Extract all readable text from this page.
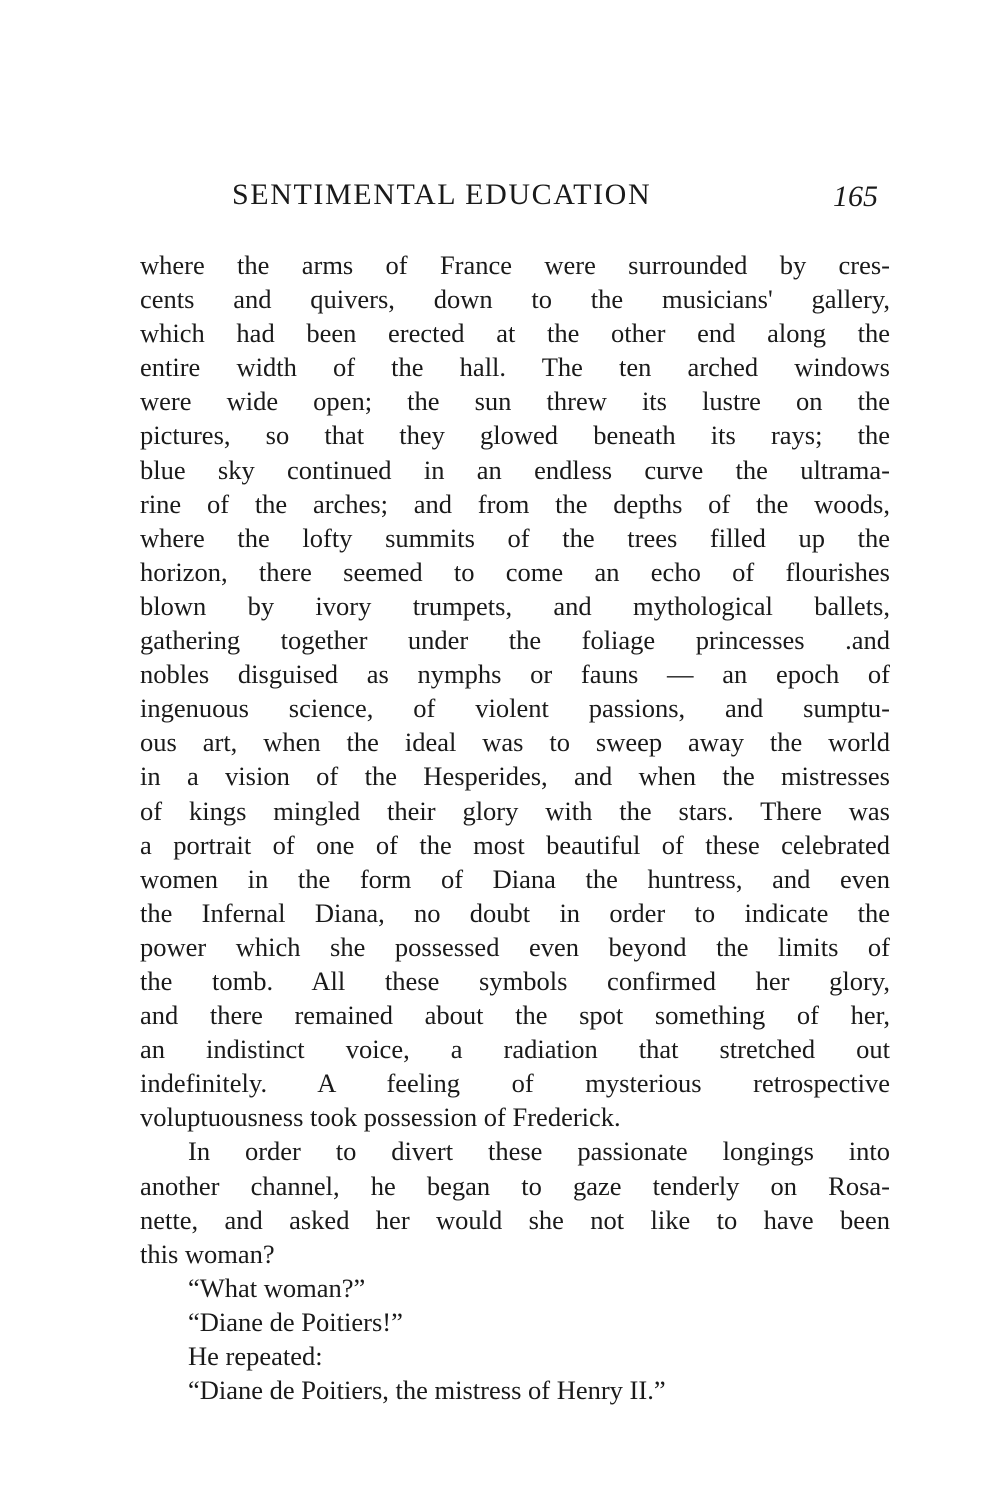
SENTIMENTAL EDUCATION	165
where the arms of France were surrounded by cres-
cents and quivers, down to the musicians' gallery,
which had been erected at the other end along the
entire width of the hall. The ten arched windows
were wide open; the sun threw its lustre on the
pictures, so that they glowed beneath its rays; the
blue sky continued in an endless curve the ultrama-
rine of the arches; and from the depths of the woods,
where the lofty summits of the trees filled up the
horizon, there seemed to come an echo of flourishes
blown by ivory trumpets, and mythological ballets,
gathering together under the foliage princesses .and
nobles disguised as nymphs or fauns — an epoch of
ingenuous science, of violent passions, and sumptu-
ous art, when the ideal was to sweep away the world
in a vision of the Hesperides, and when the mistresses
of kings mingled their glory with the stars. There was
a portrait of one of the most beautiful of these celebrated
women in the form of Diana the huntress, and even
the Infernal Diana, no doubt in order to indicate the
power which she possessed even beyond the limits of
the tomb. All these symbols confirmed her glory,
and there remained about the spot something of her,
an indistinct voice, a radiation that stretched out
indefinitely. A feeling of mysterious retrospective
voluptuousness took possession of Frederick.
In order to divert these passionate longings into
another channel, he began to gaze tenderly on Rosa-
nette, and asked her would she not like to have been
this woman?
“What woman?”
“Diane de Poitiers!”
He repeated:
“Diane de Poitiers, the mistress of Henry II.”
